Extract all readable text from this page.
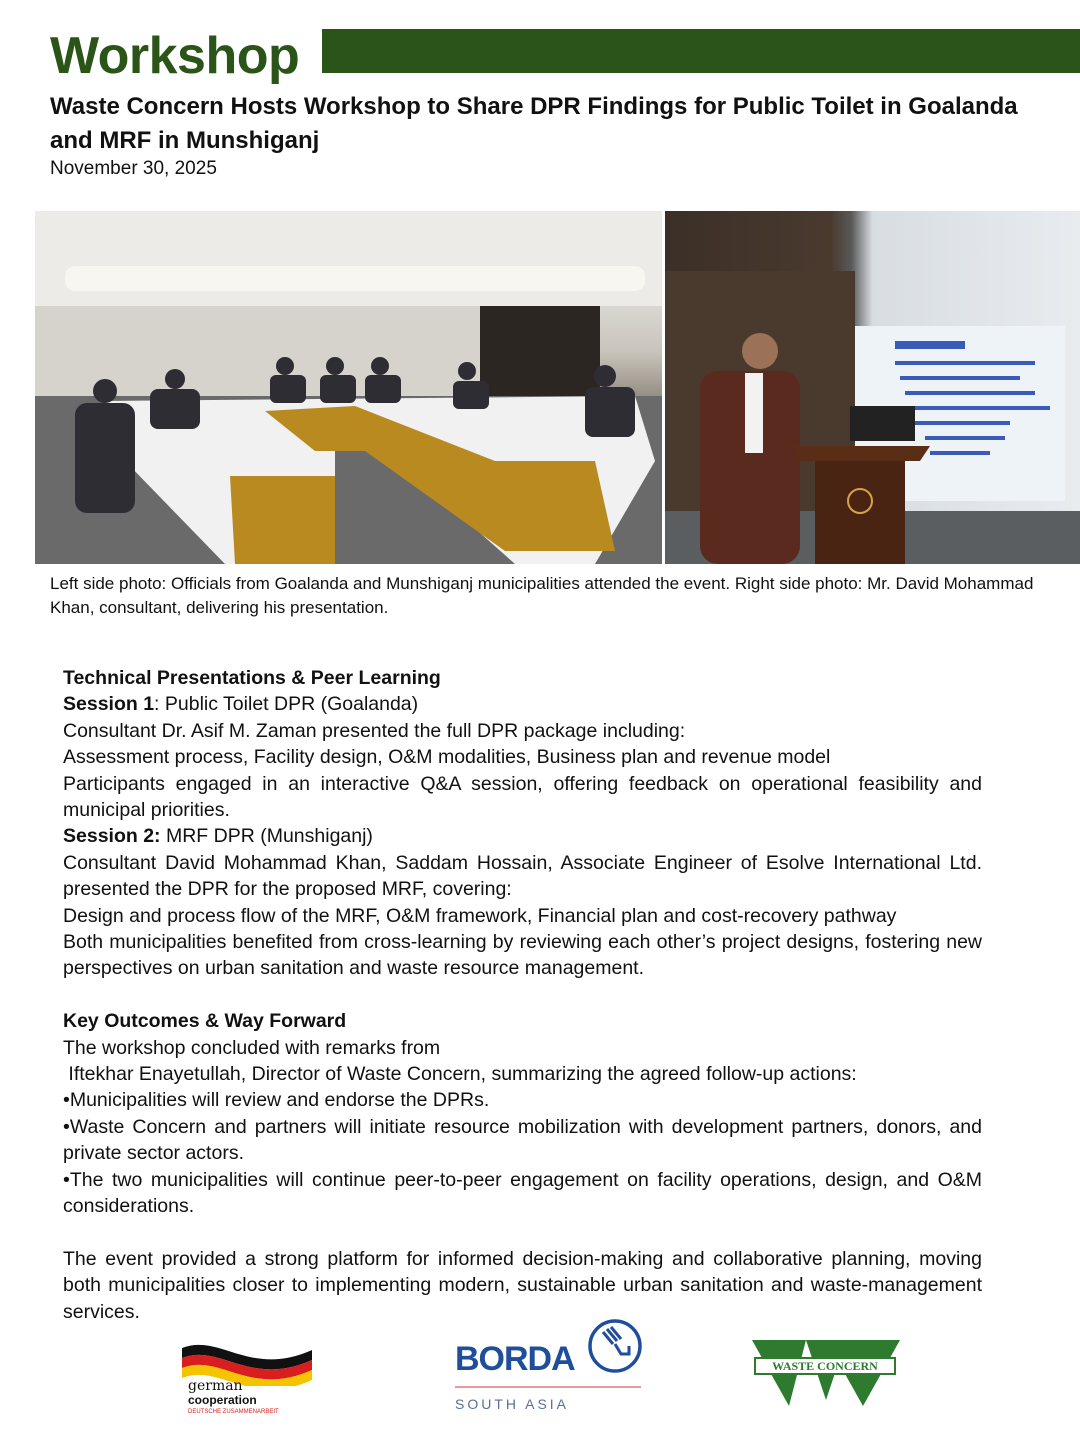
Workshop
Waste Concern Hosts Workshop to Share DPR Findings for Public Toilet in Goalanda and MRF in Munshiganj
November 30, 2025
Left side photo: Officials from Goalanda and Munshiganj municipalities attended the event. Right side photo: Mr. David Mohammad Khan, consultant, delivering his presentation.

Technical Presentations & Peer Learning

Session 1: Public Toilet DPR (Goalanda)

Consultant Dr. Asif M. Zaman presented the full DPR package including:

Assessment process, Facility design, O&M modalities, Business plan and revenue model

Participants engaged in an interactive Q&A session, offering feedback on operational feasibility and municipal priorities.

Session 2: MRF DPR (Munshiganj)

Consultant David Mohammad Khan, Saddam Hossain, Associate Engineer of Esolve International Ltd. presented the DPR for the proposed MRF, covering:

Design and process flow of the MRF, O&M framework, Financial plan and cost-recovery pathway

Both municipalities benefited from cross-learning by reviewing each other’s project designs, fostering new perspectives on urban sanitation and waste resource management.

Key Outcomes & Way Forward

The workshop concluded with remarks from

Iftekhar Enayetullah, Director of Waste Concern, summarizing the agreed follow-up actions:

•Municipalities will review and endorse the DPRs.

•Waste Concern and partners will initiate resource mobilization with development partners, donors, and private sector actors.

•The two municipalities will continue peer-to-peer engagement on facility operations, design, and O&M considerations.

The event provided a strong platform for informed decision-making and collaborative planning, moving both municipalities closer to implementing modern, sustainable urban sanitation and waste-management services.

german
cooperation
DEUTSCHE ZUSAMMENARBEIT
BORDA
SOUTH ASIA
WASTE CONCERN
